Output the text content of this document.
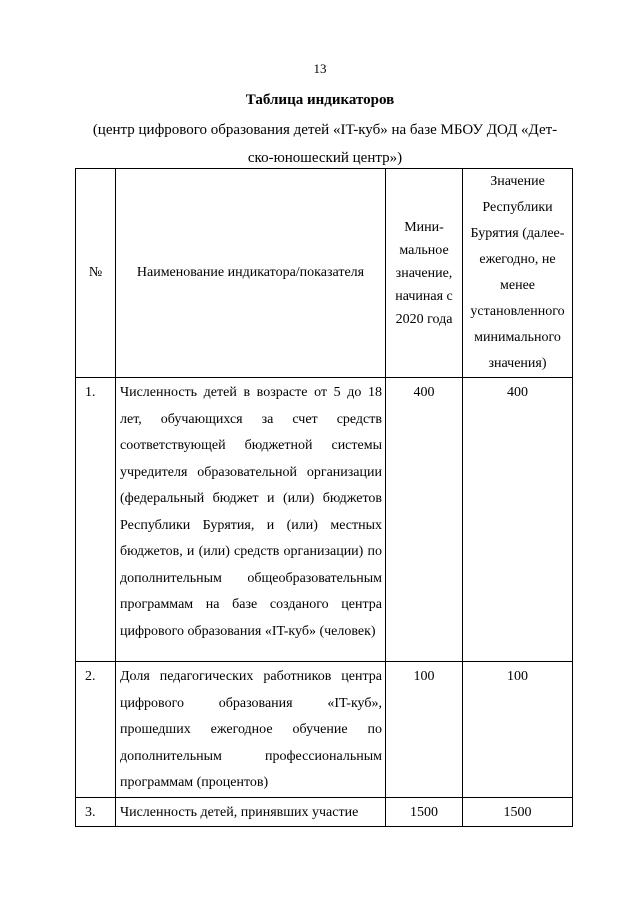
13
Таблица индикаторов
(центр цифрового образования детей «IT-куб» на базе МБОУ ДОД «Дет-ско-юношеский центр»)
№	Наименование индикатора/показателя	Мини-мальное значение, начиная с 2020 года	Значение Республики Бурятия (далее-ежегодно, не менее установленного минимального значения)
1.	Численность детей в возрасте от 5 до 18 лет, обучающихся за счет средств соответствующей бюджетной системы учредителя образовательной организации (федеральный бюджет и (или) бюджетов Республики Бурятия, и (или) местных бюджетов, и (или) средств организации) по дополнительным общеобразовательным программам на базе созданого центра цифрового образования «IT-куб» (человек)	400	400
2.	Доля педагогических работников центра цифрового образования «IT-куб», прошедших ежегодное обучение по дополнительным профессиональным программам (процентов)	100	100
3.	Численность детей, принявших участие	1500	1500
